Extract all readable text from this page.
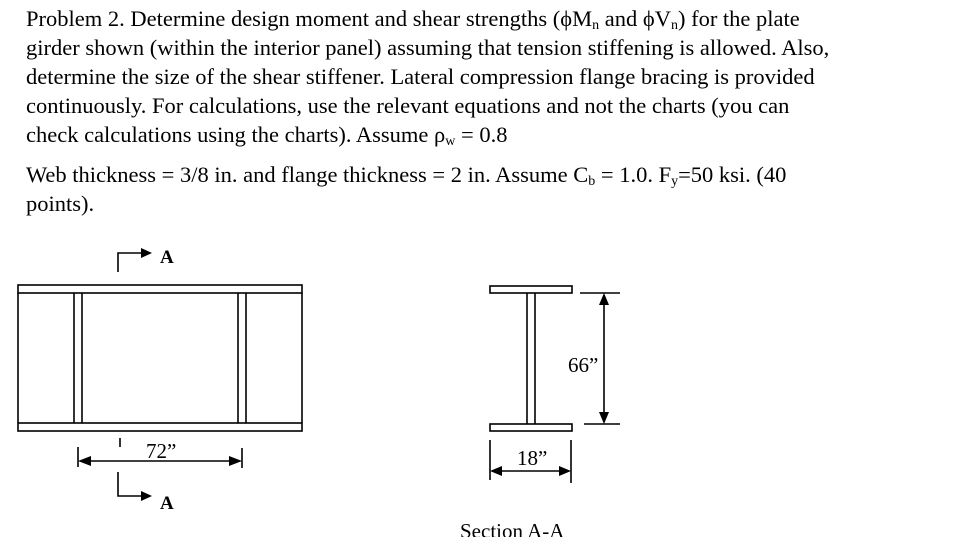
Problem 2. Determine design moment and shear strengths ($\phi M_n$ and $\phi V_n$) for the plate
girder shown (within the interior panel) assuming that tension stiffening is allowed. Also,
determine the size of the shear stiffener. Lateral compression flange bracing is provided
continuously. For calculations, use the relevant equations and not the charts (you can
check calculations using the charts). Assume $\rho_w = 0.8$
Web thickness = 3/8 in. and flange thickness = 2 in. Assume $C_b = 1.0$. $F_y=50$ ksi. (40
points).
A
A
72”
66”
18”
Section A-A
